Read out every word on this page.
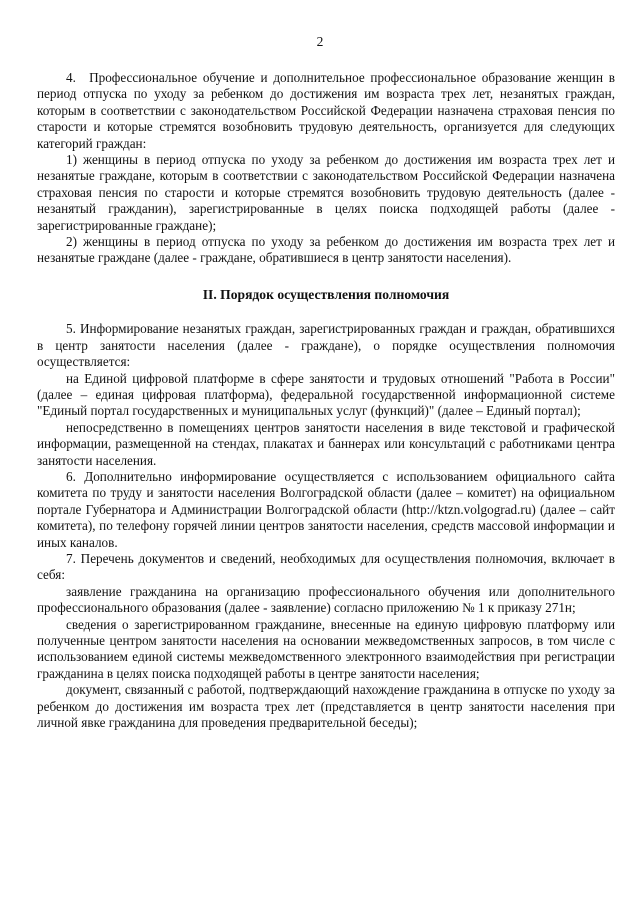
2

4. Профессиональное обучение и дополнительное профессиональное образование женщин в период отпуска по уходу за ребенком до достижения им возраста трех лет, незанятых граждан, которым в соответствии с законодательством Российской Федерации назначена страховая пенсия по старости и которые стремятся возобновить трудовую деятельность, организуется для следующих категорий граждан:

1) женщины в период отпуска по уходу за ребенком до достижения им возраста трех лет и незанятые граждане, которым в соответствии с законодательством Российской Федерации назначена страховая пенсия по старости и которые стремятся возобновить трудовую деятельность (далее - незанятый гражданин), зарегистрированные в целях поиска подходящей работы (далее - зарегистрированные граждане);

2) женщины в период отпуска по уходу за ребенком до достижения им возраста трех лет и незанятые граждане (далее - граждане, обратившиеся в центр занятости населения).

II. Порядок осуществления полномочия

5. Информирование незанятых граждан, зарегистрированных граждан и граждан, обратившихся в центр занятости населения (далее - граждане), о порядке осуществления полномочия осуществляется:

на Единой цифровой платформе в сфере занятости и трудовых отношений "Работа в России" (далее – единая цифровая платформа), федеральной государственной информационной системе "Единый портал государственных и муниципальных услуг (функций)" (далее – Единый портал);

непосредственно в помещениях центров занятости населения в виде текстовой и графической информации, размещенной на стендах, плакатах и баннерах или консультаций с работниками центра занятости населения.

6. Дополнительно информирование осуществляется с использованием официального сайта комитета по труду и занятости населения Волгоградской области (далее – комитет) на официальном портале Губернатора и Администрации Волгоградской области (http://ktzn.volgograd.ru) (далее – сайт комитета), по телефону горячей линии центров занятости населения, средств массовой информации и иных каналов.

7. Перечень документов и сведений, необходимых для осуществления полномочия, включает в себя:

заявление гражданина на организацию профессионального обучения или дополнительного профессионального образования (далее - заявление) согласно приложению № 1 к приказу 271н;

сведения о зарегистрированном гражданине, внесенные на единую цифровую платформу или полученные центром занятости населения на основании межведомственных запросов, в том числе с использованием единой системы межведомственного электронного взаимодействия при регистрации гражданина в целях поиска подходящей работы в центре занятости населения;

документ, связанный с работой, подтверждающий нахождение гражданина в отпуске по уходу за ребенком до достижения им возраста трех лет (представляется в центр занятости населения при личной явке гражданина для проведения предварительной беседы);
